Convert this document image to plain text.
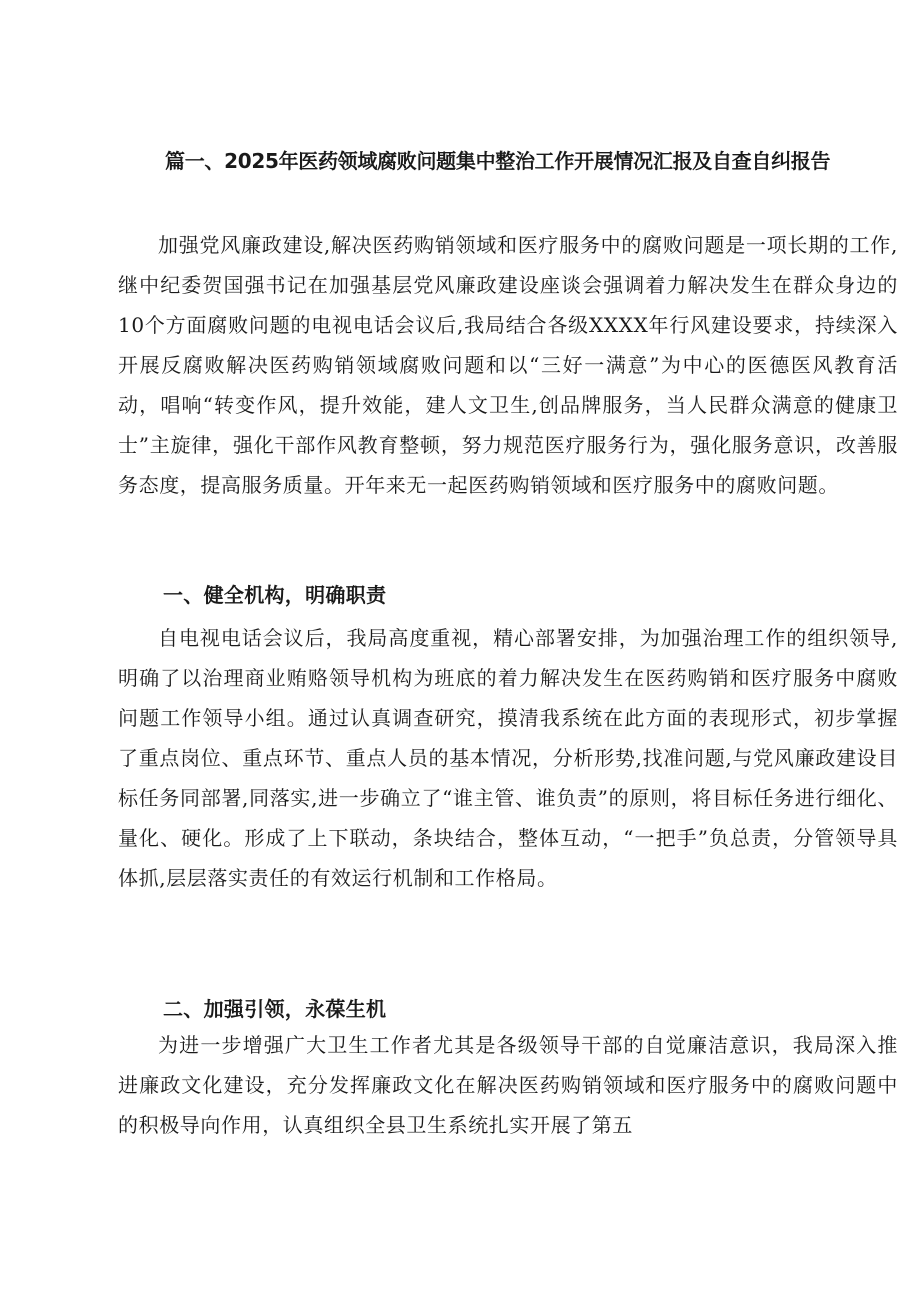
篇一、2025年医药领域腐败问题集中整治工作开展情况汇报及自查自纠报告

加强党风廉政建设,解决医药购销领域和医疗服务中的腐败问题是一项长期的工作,继中纪委贺国强书记在加强基层党风廉政建设座谈会强调着力解决发生在群众身边的10个方面腐败问题的电视电话会议后,我局结合各级XXXX年行风建设要求，持续深入开展反腐败解决医药购销领域腐败问题和以“三好一满意”为中心的医德医风教育活动，唱响“转变作风，提升效能，建人文卫生,创品牌服务，当人民群众满意的健康卫士”主旋律，强化干部作风教育整顿，努力规范医疗服务行为，强化服务意识，改善服务态度，提高服务质量。开年来无一起医药购销领域和医疗服务中的腐败问题。

一、健全机构，明确职责

自电视电话会议后，我局高度重视，精心部署安排，为加强治理工作的组织领导,明确了以治理商业贿赂领导机构为班底的着力解决发生在医药购销和医疗服务中腐败问题工作领导小组。通过认真调查研究，摸清我系统在此方面的表现形式，初步掌握了重点岗位、重点环节、重点人员的基本情况，分析形势,找准问题,与党风廉政建设目标任务同部署,同落实,进一步确立了“谁主管、谁负责”的原则，将目标任务进行细化、量化、硬化。形成了上下联动，条块结合，整体互动，“一把手”负总责，分管领导具体抓,层层落实责任的有效运行机制和工作格局。

二、加强引领，永葆生机

为进一步增强广大卫生工作者尤其是各级领导干部的自觉廉洁意识，我局深入推进廉政文化建设，充分发挥廉政文化在解决医药购销领域和医疗服务中的腐败问题中的积极导向作用，认真组织全县卫生系统扎实开展了第五
